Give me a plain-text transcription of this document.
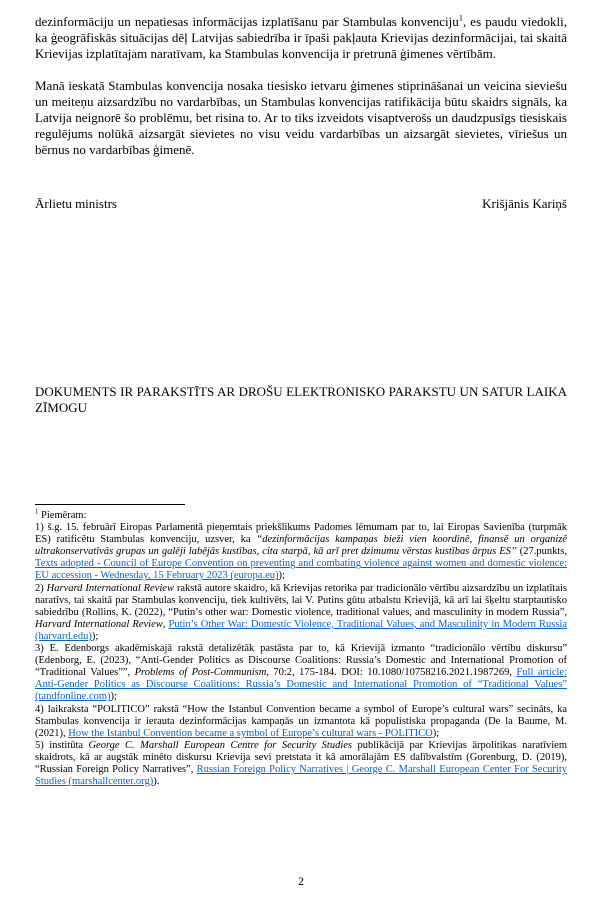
dezinformāciju un nepatiesas informācijas izplatīšanu par Stambulas konvenciju$^1$, es paudu viedokli, ka ģeogrāfiskās situācijas dēļ Latvijas sabiedrība ir īpaši pakļauta Krievijas dezinformācijai, tai skaitā Krievijas izplatītajam naratīvam, ka Stambulas konvencija ir pretrunā ģimenes vērtībām.

Manā ieskatā Stambulas konvencija nosaka tiesisko ietvaru ģimenes stiprināšanai un veicina sieviešu un meiteņu aizsardzību no vardarbības, un Stambulas konvencijas ratifikācija būtu skaidrs signāls, ka Latvija neignorē šo problēmu, bet risina to. Ar to tiks izveidots visaptverošs un daudzpusīgs tiesiskais regulējums nolūkā aizsargāt sievietes no visu veidu vardarbības un aizsargāt sievietes, vīriešus un bērnus no vardarbības ģimenē.

Ārlietu ministrs	Krišjānis Kariņš
DOKUMENTS IR PARAKSTĪTS AR DROŠU ELEKTRONISKO PARAKSTU UN SATUR LAIKA ZĪMOGU

$^1$ Piemēram:

1) š.g. 15. februārī Eiropas Parlamentā pieņemtais priekšlikums Padomes lēmumam par to, lai Eiropas Savienība (turpmāk ES) ratificētu Stambulas konvenciju, uzsver, ka “dezinformācijas kampaņas bieži vien koordinē, finansē un organizē ultrakonservatīvās grupas un galēji labējās kustības, cita starpā, kā arī pret dzimumu vērstas kustības ārpus ES’’ (27.punkts, Texts adopted - Council of Europe Convention on preventing and combating violence against women and domestic violence: EU accession - Wednesday, 15 February 2023 (europa.eu));

2) Harvard International Review rakstā autore skaidro, kā Krievijas retorika par tradicionālo vērtību aizsardzību un izplatītais naratīvs, tai skaitā par Stambulas konvenciju, tiek kultivēts, lai V. Putins gūtu atbalstu Krievijā, kā arī lai šķeltu starptautisko sabiedrību (Rollins, K. (2022), “Putin’s other war: Domestic violence, traditional values, and masculinity in modern Russia”, Harvard International Review, Putin’s Other War: Domestic Violence, Traditional Values, and Masculinity in Modern Russia (harvard.edu));

3) E. Edenborgs akadēmiskajā rakstā detalizētāk pastāsta par to, kā Krievijā izmanto “tradicionālo vērtību diskursu” (Edenborg, E. (2023), “Anti-Gender Politics as Discourse Coalitions: Russia’s Domestic and International Promotion of “Traditional Values””, Problems of Post-Communism, 70:2, 175-184. DOI: 10.1080/10758216.2021.1987269, Full article: Anti-Gender Politics as Discourse Coalitions: Russia’s Domestic and International Promotion of “Traditional Values” (tandfonline.com));

4) laikraksta “POLITICO” rakstā “How the Istanbul Convention became a symbol of Europe’s cultural wars” secināts, ka Stambulas konvencija ir ierauta dezinformācijas kampaņās un izmantota kā populistiska propaganda (De la Baume, M. (2021), How the Istanbul Convention became a symbol of Europe’s cultural wars - POLITICO);

5) institūta George C. Marshall European Centre for Security Studies publikācijā par Krievijas ārpolitikas naratīviem skaidrots, kā ar augstāk minēto diskursu Krievija sevi pretstata it kā amorālajām ES dalībvalstīm (Gorenburg, D. (2019), “Russian Foreign Policy Narratives”, Russian Foreign Policy Narratives | George C. Marshall European Center For Security Studies (marshallcenter.org)).

2
